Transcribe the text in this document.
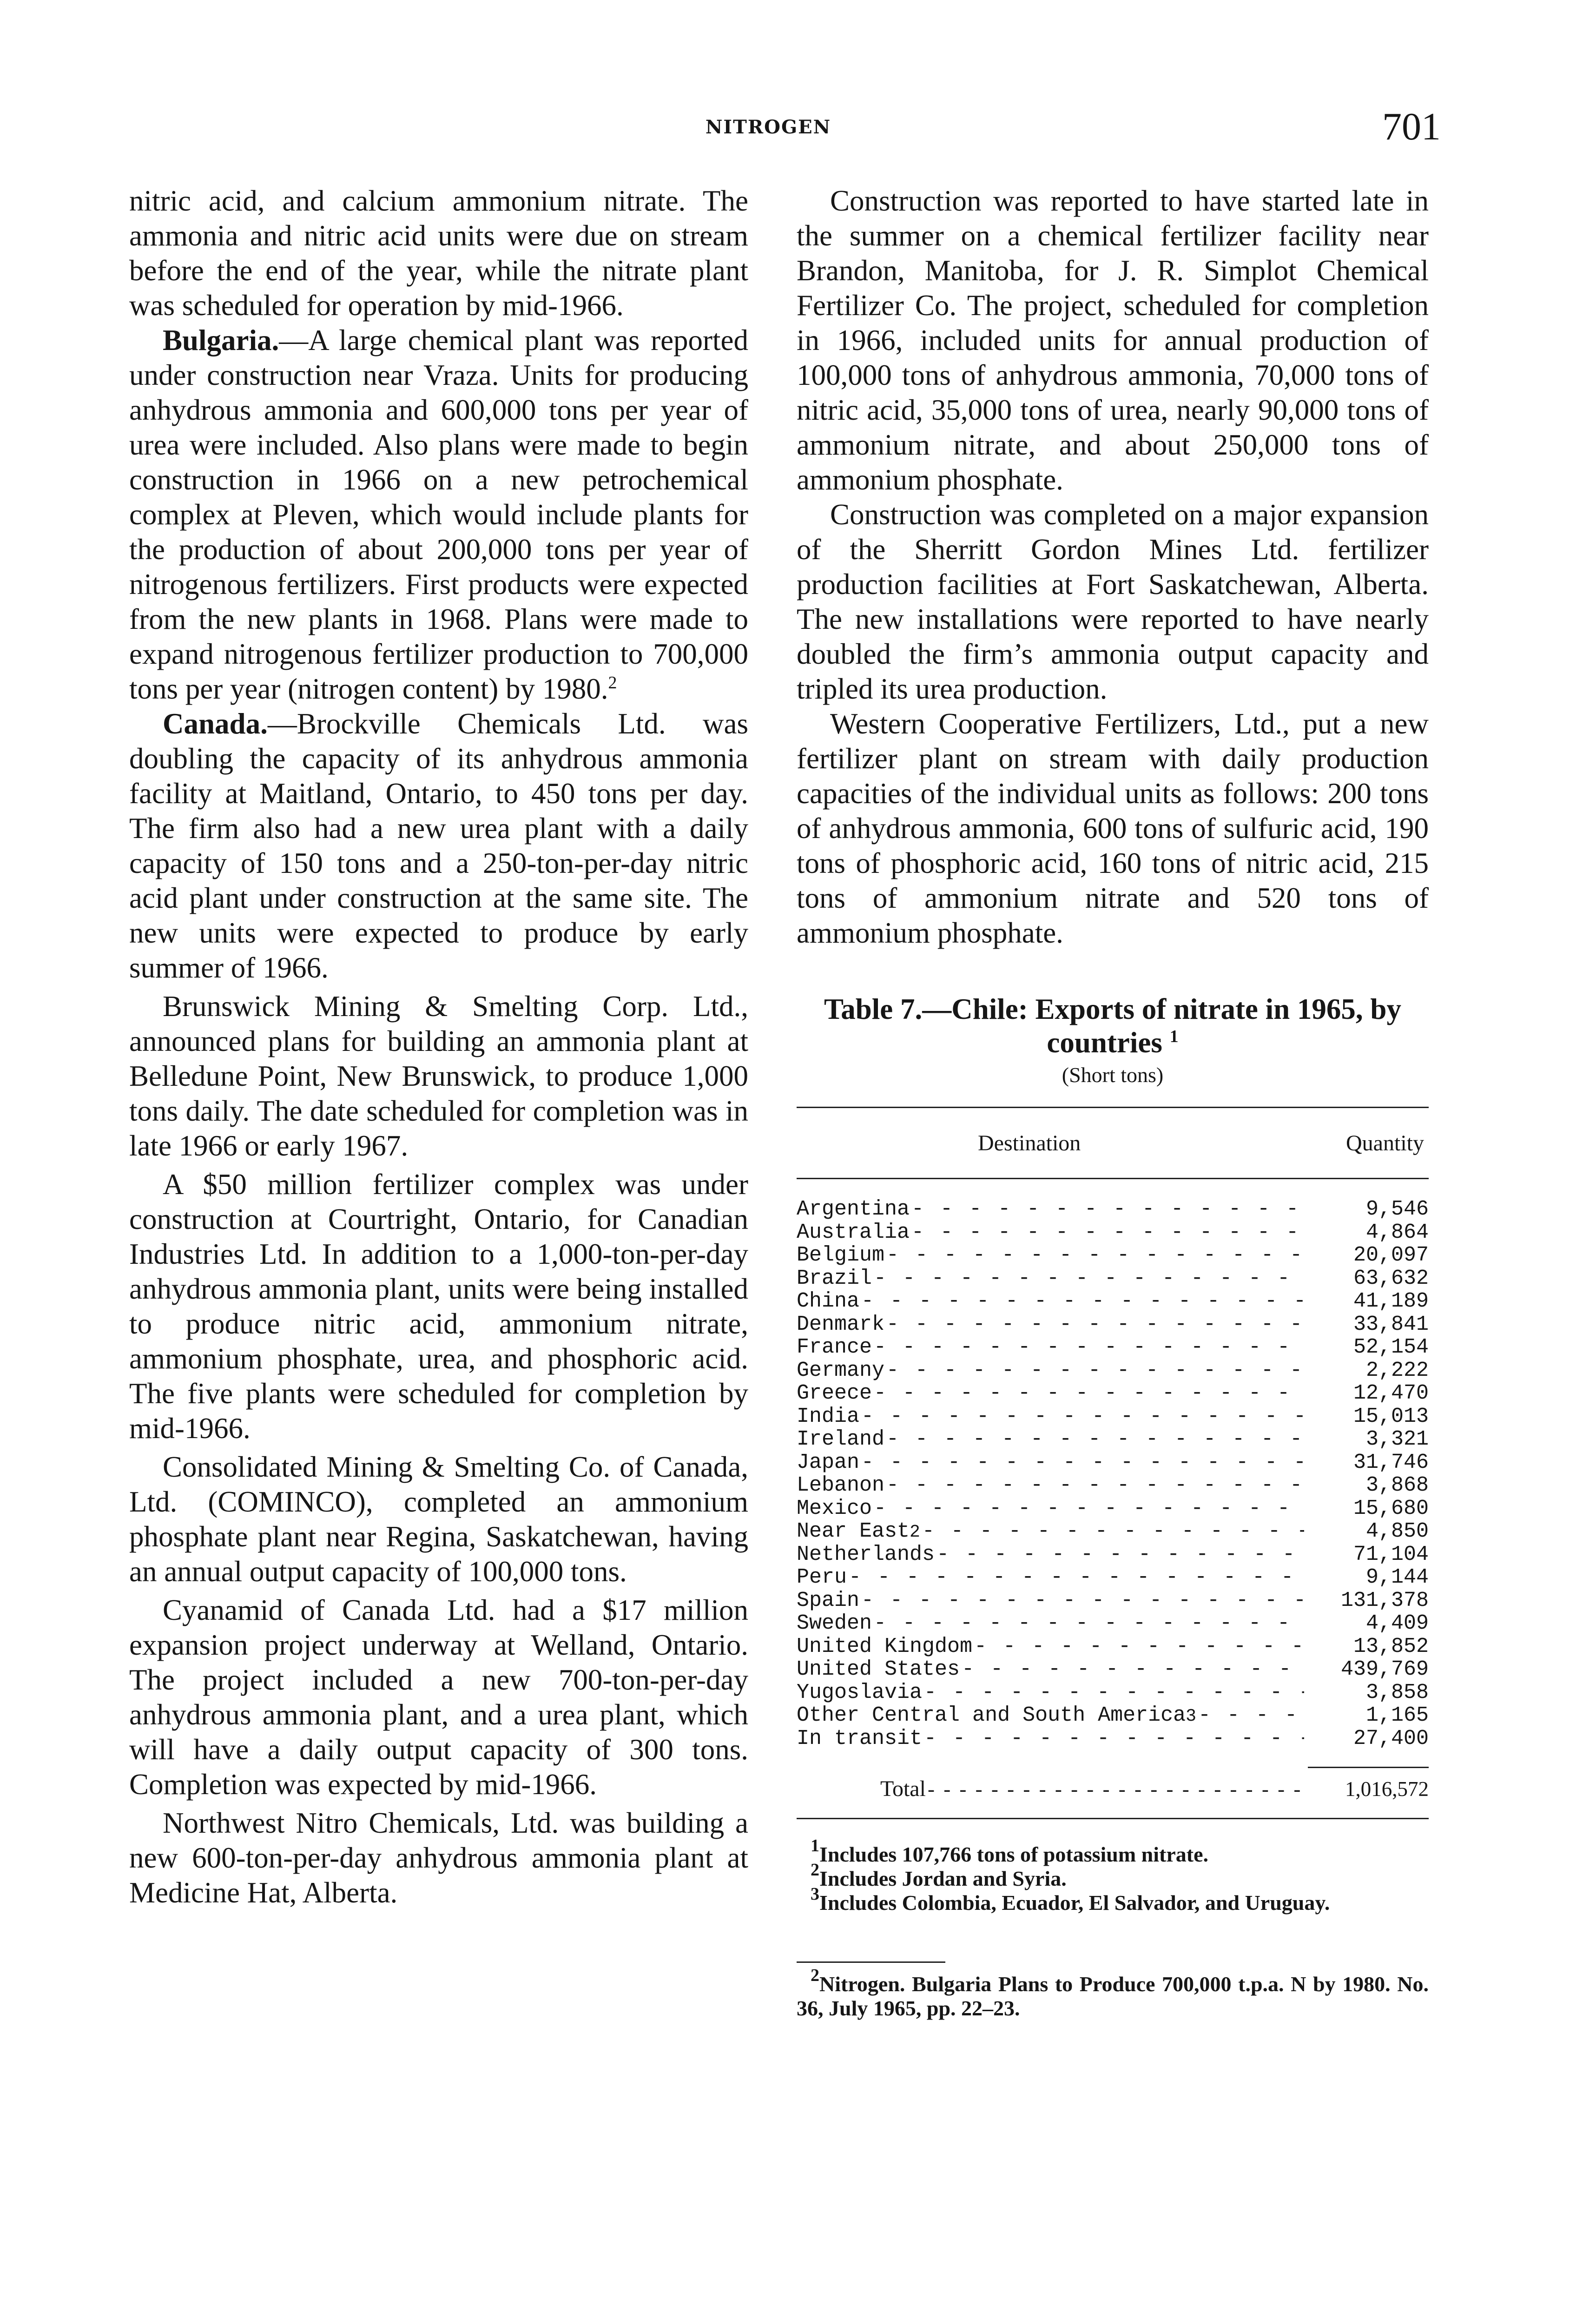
NITROGEN	701

nitric acid, and calcium ammonium nitrate. The ammonia and nitric acid units were due on stream before the end of the year, while the nitrate plant was scheduled for operation by mid-1966.

Bulgaria.—A large chemical plant was reported under construction near Vraza. Units for producing anhydrous ammonia and 600,000 tons per year of urea were included. Also plans were made to begin construction in 1966 on a new petrochemical complex at Pleven, which would include plants for the production of about 200,000 tons per year of nitrogenous fertilizers. First products were expected from the new plants in 1968. Plans were made to expand nitrogenous fertilizer production to 700,000 tons per year (nitrogen content) by 1980.$^2$

Canada.—Brockville Chemicals Ltd. was doubling the capacity of its anhydrous ammonia facility at Maitland, Ontario, to 450 tons per day. The firm also had a new urea plant with a daily capacity of 150 tons and a 250-ton-per-day nitric acid plant under construction at the same site. The new units were expected to produce by early summer of 1966.

Brunswick Mining & Smelting Corp. Ltd., announced plans for building an ammonia plant at Belledune Point, New Brunswick, to produce 1,000 tons daily. The date scheduled for completion was in late 1966 or early 1967.

A $50 million fertilizer complex was under construction at Courtright, Ontario, for Canadian Industries Ltd. In addition to a 1,000-ton-per-day anhydrous ammonia plant, units were being installed to produce nitric acid, ammonium nitrate, ammonium phosphate, urea, and phosphoric acid. The five plants were scheduled for completion by mid-1966.

Consolidated Mining & Smelting Co. of Canada, Ltd. (COMINCO), completed an ammonium phosphate plant near Regina, Saskatchewan, having an annual output capacity of 100,000 tons.

Cyanamid of Canada Ltd. had a $17 million expansion project underway at Welland, Ontario. The project included a new 700-ton-per-day anhydrous ammonia plant, and a urea plant, which will have a daily output capacity of 300 tons. Completion was expected by mid-1966.

Northwest Nitro Chemicals, Ltd. was building a new 600-ton-per-day anhydrous ammonia plant at Medicine Hat, Alberta.

Construction was reported to have started late in the summer on a chemical fertilizer facility near Brandon, Manitoba, for J. R. Simplot Chemical Fertilizer Co. The project, scheduled for completion in 1966, included units for annual production of 100,000 tons of anhydrous ammonia, 70,000 tons of nitric acid, 35,000 tons of urea, nearly 90,000 tons of ammonium nitrate, and about 250,000 tons of ammonium phosphate.

Construction was completed on a major expansion of the Sherritt Gordon Mines Ltd. fertilizer production facilities at Fort Saskatchewan, Alberta. The new installations were reported to have nearly doubled the firm’s ammonia output capacity and tripled its urea production.

Western Cooperative Fertilizers, Ltd., put a new fertilizer plant on stream with daily production capacities of the individual units as follows: 200 tons of anhydrous ammonia, 600 tons of sulfuric acid, 190 tons of phosphoric acid, 160 tons of nitric acid, 215 tons of ammonium nitrate and 520 tons of ammonium phosphate.

Table 7.—Chile: Exports of nitrate in 1965, by countries $^1$
(Short tons)
Destination	Quantity
Argentina - - -	9,546
Australia - - -	4,864
Belgium - - -	20,097
Brazil - - -	63,632
China - - -	41,189
Denmark - - -	33,841
France - - -	52,154
Germany - - -	2,222
Greece - - -	12,470
India - - -	15,013
Ireland - - -	3,321
Japan - - -	31,746
Lebanon - - -	3,868
Mexico - - -	15,680
Near East 2 - - -	4,850
Netherlands - - -	71,104
Peru - - -	9,144
Spain - - -	131,378
Sweden - - -	4,409
United Kingdom - - -	13,852
United States - - -	439,769
Yugoslavia - - -	3,858
Other Central and South America 3 - - -	1,165
In transit - - -	27,400
Total - - -	1,016,572
$^1$Includes 107,766 tons of potassium nitrate.
$^2$Includes Jordan and Syria.
$^3$Includes Colombia, Ecuador, El Salvador, and Uruguay.
$^2$Nitrogen. Bulgaria Plans to Produce 700,000 t.p.a. N by 1980. No. 36, July 1965, pp. 22–23.
